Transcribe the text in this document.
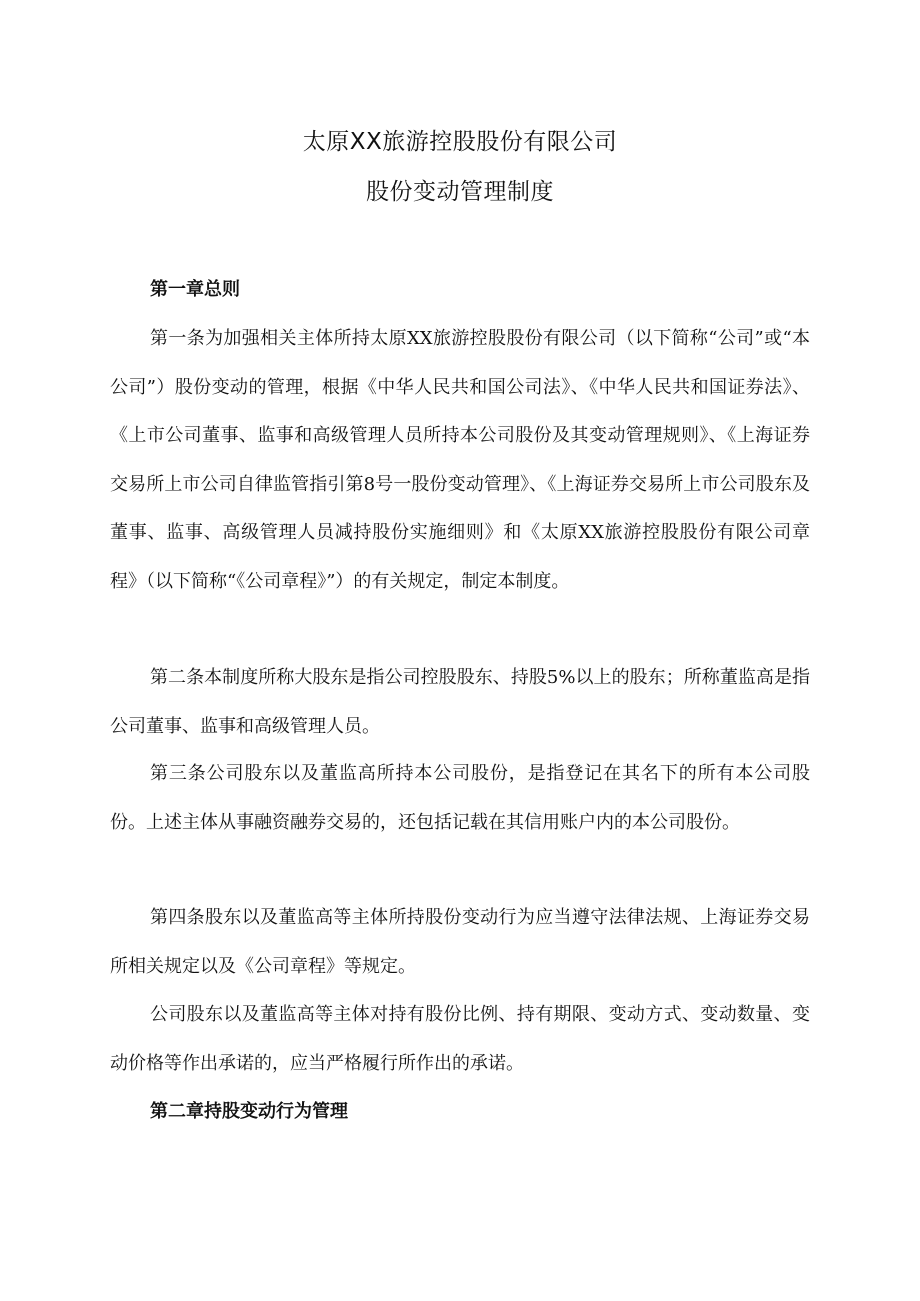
太原XX旅游控股股份有限公司
股份变动管理制度
第一章总则
第一条为加强相关主体所持太原XX旅游控股股份有限公司（以下简称“公司”或“本公司”）股份变动的管理，根据《中华人民共和国公司法》、《中华人民共和国证券法》、《上市公司董事、监事和高级管理人员所持本公司股份及其变动管理规则》、《上海证券交易所上市公司自律监管指引第8号一股份变动管理》、《上海证券交易所上市公司股东及董事、监事、高级管理人员减持股份实施细则》和《太原XX旅游控股股份有限公司章程》（以下简称“《公司章程》”）的有关规定，制定本制度。
第二条本制度所称大股东是指公司控股股东、持股5%以上的股东；所称董监高是指公司董事、监事和高级管理人员。
第三条公司股东以及董监高所持本公司股份，是指登记在其名下的所有本公司股份。上述主体从事融资融券交易的，还包括记载在其信用账户内的本公司股份。
第四条股东以及董监高等主体所持股份变动行为应当遵守法律法规、上海证券交易所相关规定以及《公司章程》等规定。
公司股东以及董监高等主体对持有股份比例、持有期限、变动方式、变动数量、变动价格等作出承诺的，应当严格履行所作出的承诺。
第二章持股变动行为管理
